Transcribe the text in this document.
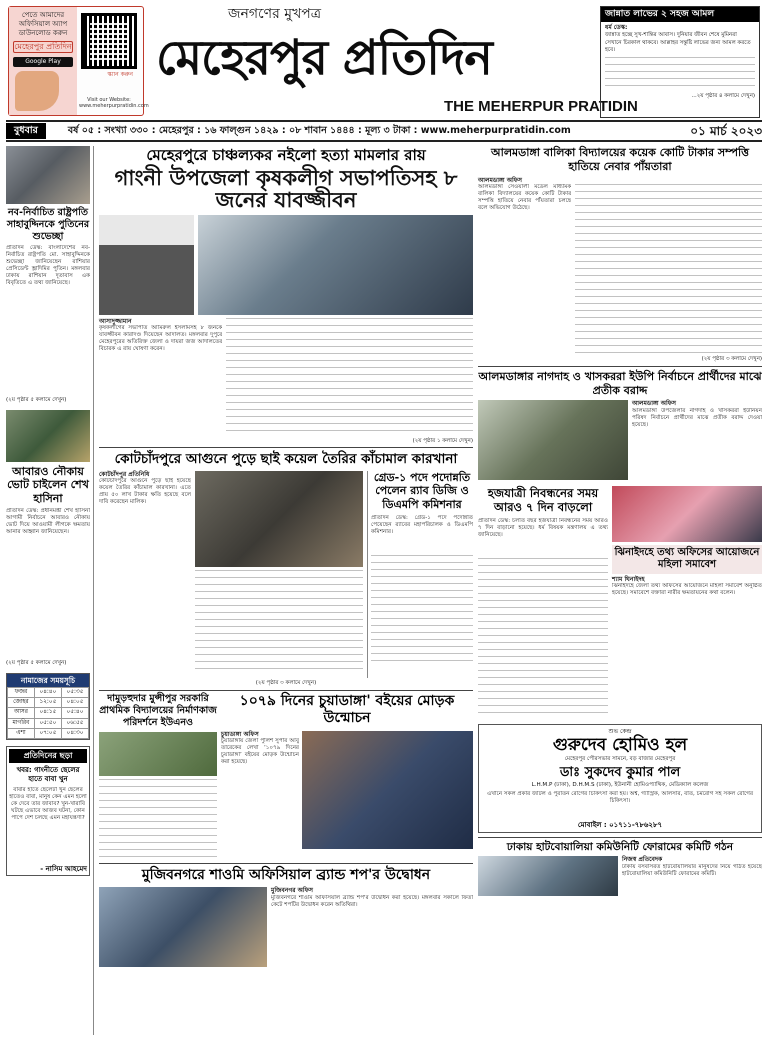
পেতে আমাদের অফিসিয়াল অ্যাপ ডাউনলোড করুন
মেহেরপুর প্রতিদিন
Google Play
স্ক্যান করুন
Visit our Website: www.meherpurpratidin.com
জনগণের মুখপত্র
মেহেরপুর প্রতিদিন
THE MEHERPUR PRATIDIN
জান্নাত লাভের ২ সহজ আমল
ধর্ম ডেস্ক:
জান্নাত হচ্ছে সুখ-শান্তির আবাস। দুনিয়ার জীবন শেষে মুমিনরা সেখানে চিরকাল থাকবে। আল্লাহর সন্তুষ্টি লাভের জন্য আমল করতে হবে।
...২য় পৃষ্ঠার ৪ কলামে দেখুন)
বুধবার	বর্ষ ০৫ : সংখ্যা ৩৩০ : মেহেরপুর : ১৬ ফাল্গুন ১৪২৯ : ০৮ শাবান ১৪৪৪ : মূল্য ৩ টাকা : www.meherpurpratidin.com	০১ মার্চ ২০২৩
নব-নির্বাচিত রাষ্ট্রপতি সাহাবুদ্দিনকে পুতিনের শুভেচ্ছা
প্রতিদিন ডেস্ক: বাংলাদেশের নব-নির্বাচিত রাষ্ট্রপতি মো. সাহাবুদ্দিনকে শুভেচ্ছা জানিয়েছেন রাশিয়ার প্রেসিডেন্ট ভ্লাদিমির পুতিন। মঙ্গলবার ঢাকায় রাশিয়ান দূতাবাস এক বিবৃতিতে এ তথ্য জানিয়েছে।
(২য় পৃষ্ঠার ৫ কলামে দেখুন)
আবারও নৌকায় ভোট চাইলেন শেখ হাসিনা
প্রতিদিন ডেস্ক: প্রধানমন্ত্রী শেখ হাসিনা আগামী নির্বাচনে আবারও নৌকায় ভোট দিয়ে আওয়ামী লীগকে ক্ষমতায় আনার আহ্বান জানিয়েছেন।
(২য় পৃষ্ঠার ৫ কলামে দেখুন)
নামাজের সময়সূচি
ফজর	০৪:৪০	০৫:৩৫
জোহর	১২:০৫	০৪:০৫
আসর	০৪:১৫	০৫:৪০
মাগরিব	০৫:৫০	০৬:৫৫
এশা	০৭:০৫	০৪:৩০
প্রতিদিনের ছড়া
খবর: গাংনীতে ছেলের হাতে বাবা খুন
বাবার হাতে ছেলেটা খুন ছেলের হাতেও বাবা, মানুষ কেন এমন হলো কে দেবে তার জাবাব? খুন-খারাবি ঘটছে এভাবে আজব ঘটনা, কোন পাপে দেশ চলছে এমন মহাযন্ত্রণা?
- নাসিম আহমেদ
মেহেরপুরে চাঞ্চল্যকর নইলো হত্যা মামলার রায়
গাংনী উপজেলা কৃষকলীগ সভাপতিসহ ৮ জনের যাবজ্জীবন
আসাদুজ্জামান
কৃষকলীগের সভাপতি আমিরুল ইসলামসহ ৮ জনকে যাবজ্জীবন কারাদণ্ড দিয়েছেন আদালত। মঙ্গলবার দুপুরে মেহেরপুরের অতিরিক্ত জেলা ও দায়রা জজ আদালতের বিচারক এ রায় ঘোষণা করেন।
(২য় পৃষ্ঠার ১ কলামে দেখুন)
কোটচাঁদপুরে আগুনে পুড়ে ছাই কয়েল তৈরির কাঁচামাল কারখানা
কোটচাঁদপুর প্রতিনিধি
কোটচাঁদপুরে আগুনে পুড়ে ছাই হয়েছে কয়েল তৈরির কাঁচামাল কারখানা। এতে প্রায় ৫০ লাখ টাকার ক্ষতি হয়েছে বলে দাবি করেছেন মালিক।
গ্রেড-১ পদে পদোন্নতি পেলেন র‍্যাব ডিজি ও ডিএমপি কমিশনার
প্রতিদিন ডেস্ক: গ্রেড-১ পদে পদোন্নতি পেয়েছেন র‍্যাবের মহাপরিচালক ও ডিএমপি কমিশনার।
(২য় পৃষ্ঠার ৩ কলামে দেখুন)
দামুড়হুদার মুন্সীপুর সরকারি প্রাথমিক বিদ্যালয়ের নির্মাণকাজ পরিদর্শনে ইউএনও
১০৭৯ দিনের চুয়াডাঙ্গা' বইয়ের মোড়ক উন্মোচন
চুয়াডাঙ্গা অফিস
চুয়াডাঙ্গায় জেলা পুলিশ সুপার আবু তারেকের লেখা ‘১০৭৯ দিনের চুয়াডাঙ্গা’ বইয়ের মোড়ক উন্মোচন করা হয়েছে।
মুজিবনগরে শাওমি অফিসিয়াল ব্র্যান্ড শপ'র উদ্বোধন
মুজিবনগর অফিস
মুজিবনগরে শাওমি অফিসিয়াল ব্র্যান্ড শপ'র উদ্বোধন করা হয়েছে। মঙ্গলবার সকালে ফিতা কেটে শপটির উদ্বোধন করেন অতিথিরা।
আলমডাঙ্গা বালিকা বিদ্যালয়ের কয়েক কোটি টাকার সম্পত্তি হাতিয়ে নেবার পাঁয়তারা
আলমডাঙ্গা অফিস
আলমডাঙ্গা সেওয়ালী মডেল মাধ্যমিক বালিকা বিদ্যালয়ের কয়েক কোটি টাকার সম্পত্তি হাতিয়ে নেবার পাঁয়তারা চলছে বলে অভিযোগ উঠেছে।
(২য় পৃষ্ঠার ৩ কলামে দেখুন)
আলমডাঙ্গার নাগদাহ ও খাসকররা ইউপি নির্বাচনে প্রার্থীদের মাঝে প্রতীক বরাদ্দ
আলমডাঙ্গা অফিস
আলমডাঙ্গা উপজেলার নাগদাহ ও খাসকররা ইউনিয়ন পরিষদ নির্বাচনে প্রার্থীদের মাঝে প্রতীক বরাদ্দ দেওয়া হয়েছে।
হজযাত্রী নিবন্ধনের সময় আরও ৭ দিন বাড়লো
প্রতিদিন ডেস্ক: চলতি বছর হজযাত্রী নিবন্ধনের সময় আরও ৭ দিন বাড়ানো হয়েছে। ধর্ম বিষয়ক মন্ত্রণালয় এ তথ্য জানিয়েছে।
ঝিনাইদহে তথ্য অফিসের আয়োজনে মহিলা সমাবেশ
শ্যাম ঘিনাইদহ
ঝিনাইদহে জেলা তথ্য অফিসের আয়োজনে মহিলা সমাবেশ অনুষ্ঠিত হয়েছে। সমাবেশে বক্তারা নারীর ক্ষমতায়নের কথা বলেন।
শুভ কেন্দ্র
গুরুদেব হোমিও হল
মেহেরপুর পৌরসভার সামনে, বড় বাজার মেহেরপুর
ডাঃ সুকদেব কুমার পাল
L.H.M.P (ঢাকা), D.H.M.S (ঢাকা), ইউনানী হোমিওপ্যাথিক, মেডিক্যাল কলেজ
এখানে সকল প্রকার জটিল ও পুরাতন রোগের চিকিৎসা করা হয়। অশ্ব, গ্যাস্ট্রিক, আলসার, বাত, চর্মরোগ সহ সকল রোগের চিকিৎসা।
মোবাইল : ০১৭১১-৭৮৬২৮৭
ঢাকায় হাটবোয়ালিয়া কমিউনিটি ফোরামের কমিটি গঠন
নিজস্ব প্রতিবেদক
ঢাকায় বসবাসরত হাটবোয়ালিয়ার মানুষদের নিয়ে গঠিত হয়েছে হাটবোয়ালিয়া কমিউনিটি ফোরামের কমিটি।
